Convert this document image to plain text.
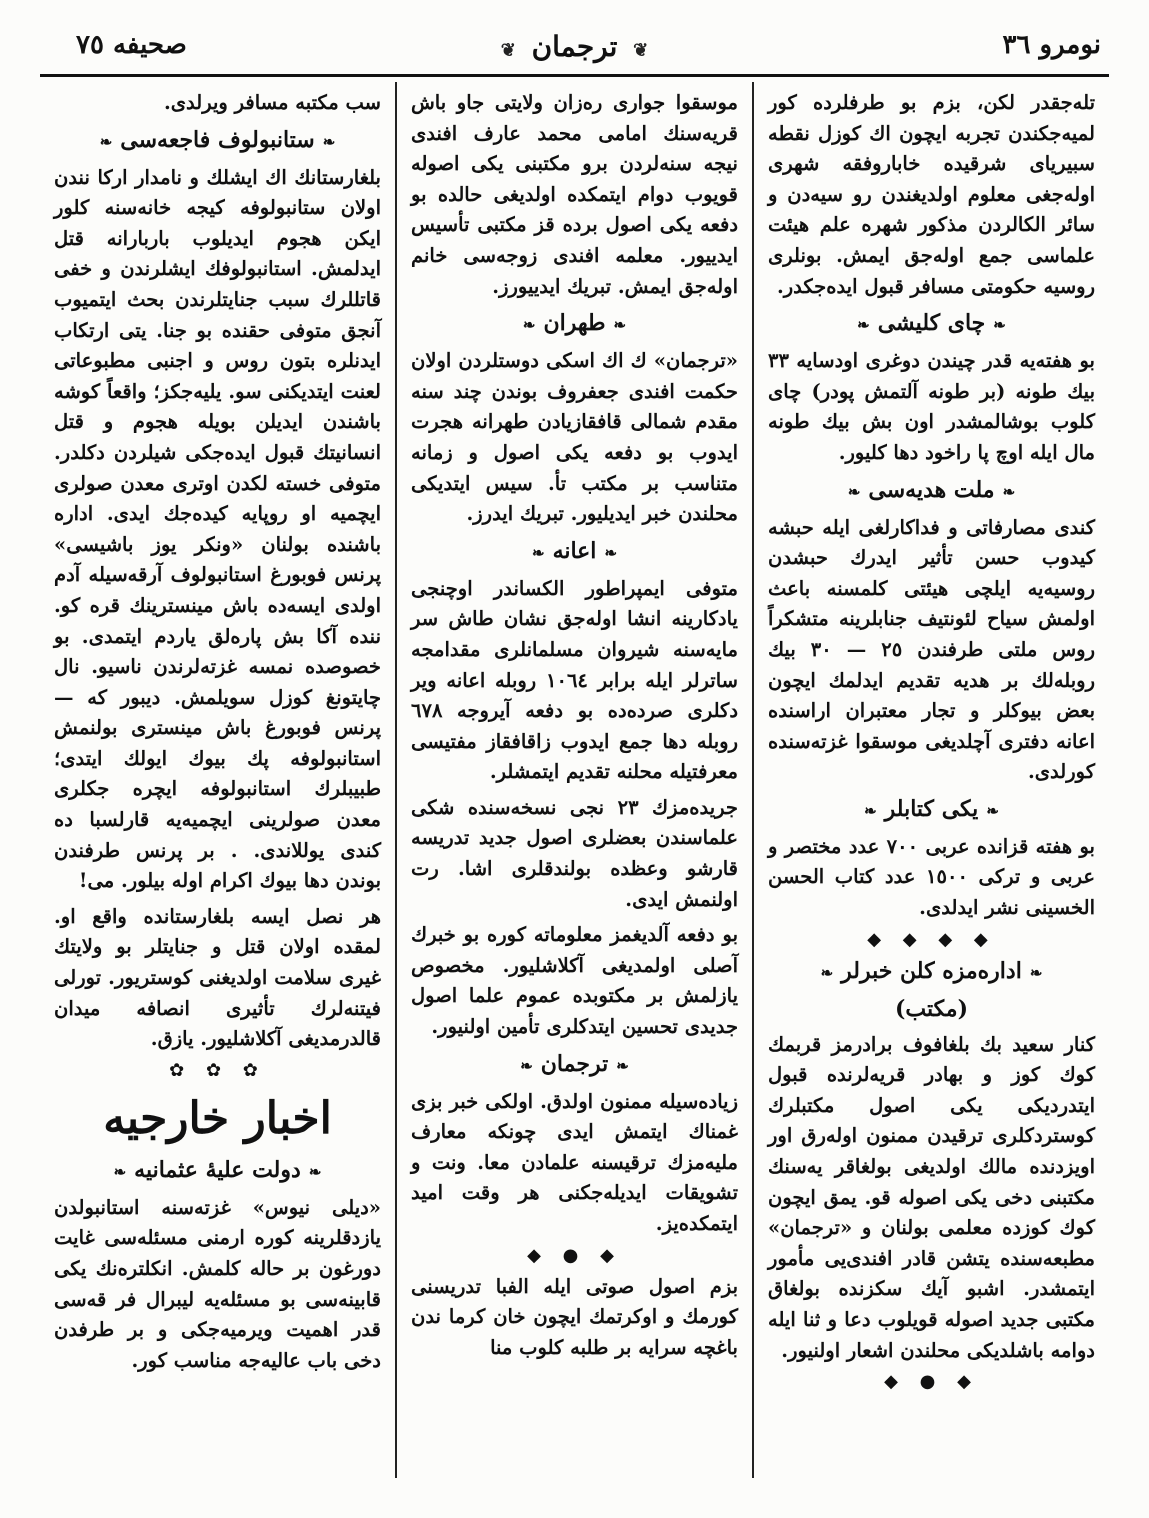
نومرو ٣٦
❦ ترجمان ❦
صحیفه ٧٥

تله‌جقدر لکن، بزم بو طرفلرده کور لمیه‌جکندن تجربه ایچون اك کوزل نقطه سبیریای شرقیده خاباروفقه شهری اوله‌جغی معلوم اولدیغندن رو سیه‌دن و سائر الکالردن مذکور شهره علم هیئت علماسی جمع اوله‌جق ایمش. بونلری روسیه حکومتی مسافر قبول ایده‌جکدر.

❧چای کلیشی❧

بو هفته‌یه قدر چیندن دوغری اودسایه ٣٣ بیك طونه (بر طونه آلتمش پودر) چای کلوب بوشالمشدر اون بش بیك طونه مال ایله اوچ پا راخود دها کلیور.

❧ملت هدیه‌سی❧

کندی مصارفاتی و فداکارلغی ایله حبشه کیدوب حسن تأثیر ایدرك حبشدن روسیه‌یه ایلچی هیئتی کلمسنه باعث اولمش سیاح لئونتیف جنابلرینه متشکراً روس ملتی طرفندن ٢٥ — ٣٠ بیك روبله‌لك بر هدیه تقدیم ایدلمك ایچون بعض بیوکلر و تجار معتبران ارا‌سنده اعانه دفتری آچلدیغی موسقوا غزته‌سنده کورلدی.

❧یکی کتابلر❧

بو هفته قزانده عربی ٧٠٠ عدد مختصر و عربی و ترکی ١٥٠٠ عدد کتاب الحسن الخسینی نشر ایدلدی.

◆ ◆ ◆ ◆
❧اداره‌مزه کلن خبرلر❧
(مکتب)

کنار سعید بك بلغافوف برادرمز قربمك کوك کوز و بهادر قریه‌لرنده قبول ایتدردیکی یکی اصول مکتبلرك کوستردکلری ترقیدن ممنون اوله‌رق اور اویزدنده مالك اولدیغی بولغاقر یه‌سنك مکتبنی دخی یکی اصوله قو. یمق ایچون کوك کوزده معلمی بولنان و «ترجمان» مطبعه‌سنده یتشن قادر افندی‌یی مأمور ایتمشدر. اشبو آیك سکزنده بولغاق مکتبی جدید اصوله قویلوب دعا و ثنا ایله دوامه باشلدیکی محلندن اشعار اولنیور.

◆ ● ◆

موسقوا جواری ره‌زان ولایتی جاو باش قریه‌سنك امامی محمد عارف افندی نیجه سنه‌لردن برو مکتبنی یکی اصوله قویوب دوام ایتمکده اولدیغی حالده بو دفعه یکی اصول برده قز مکتبی تأسیس ایدییور. معلمه افندی زوجه‌سی خانم اوله‌جق ایمش. تبریك ایدییورز.

❧طهران❧

«ترجمان» ك اك اسکی دوستلردن اولان حکمت افندی جعفروف بوندن چند سنه مقدم شمالی قافقازیادن طهرانه هجرت ایدوب بو دفعه یکی اصول و زمانه متناسب بر مکتب تأ. سیس ایتدیکی محلندن خبر ایدیلیور. تبریك ایدرز.

❧اعانه❧

متوفی ایمپراطور الکساندر اوچنجی یادکارینه انشا اوله‌جق نشان طاش سر مایه‌سنه شیروان مسلمانلری مقدامجه ساترلر ایله برابر ١٠٦٤ روبله اعانه ویر دکلری صرده‌ده بو دفعه آیروجه ٦٧٨ روبله دها جمع ایدوب زاقافقاز مفتیسی معرفتیله محلنه تقدیم ایتمشلر.

جریده‌مزك ٢٣ نجی نسخه‌سنده شکی علماسندن بعضلری اصول جدید تدریسه قارشو وعظده بولندقلری اشا. رت اولنمش ایدی.

بو دفعه آلدیغمز معلوماته کوره بو خبرك آصلی اولمدیغی آکلاشلیور. مخصوص یازلمش بر مکتوبده عموم علما اصول جدیدی تحسین ایتدکلری تأمین اولنیور.

❧ترجمان❧

زیاده‌سیله ممنون اولدق. اولکی خبر بزی غمناك ایتمش ایدی چونکه معارف ملیه‌مزك ترقیسنه علمادن معا. ونت و تشویقات ایدیله‌جکنی هر وقت امید ایتمکده‌یز.

◆ ● ◆

بزم اصول صوتی ایله الفبا تدریسنی کورمك و اوکرتمك ایچون خان کرما ندن باغچه سرایه بر طلبه کلوب منا

سب مکتبه مسافر ویرلدی.

❧ستانبولوف فاجعه‌سی❧

بلغارستانك اك ایشلك و نامدار ارکا نندن اولان ستانبولوفه کیجه خانه‌سنه کلور ایکن هجوم ایدیلوب باربارانه قتل ایدلمش. استانبولوفك ایشلرندن و خفی قاتللرك سبب جنایتلرندن بحث ایتمیوب آنجق متوفی حقنده بو جنا. یتی ارتکاب ایدنلره بتون روس و اجنبی مطبوعاتی لعنت ایتدیکنی سو. یلیه‌جکز؛ واقعاً کوشه باشندن ایدیلن بویله هجوم و قتل انسانیتك قبول ایده‌جکی شیلردن دکلدر. متوفی خسته لکدن اوتری معدن صولری ایچمیه او روپایه کیده‌جك ایدی. اداره باشنده بولنان «ونکر یوز باشیسی» پرنس فوبورغ استانبولوف آرقه‌سیله آدم اولدی ایسه‌ده باش مینسترینك قره کو. ننده آکا بش پاره‌لق یاردم ایتمدی. بو خصوصده نمسه غزته‌لرندن ناسیو. نال چایتونغ کوزل سویلمش. دیبور که — پرنس فوبورغ باش مینستری بولنمش استانبولوفه پك بیوك ایولك ایتدی؛ طبیبلرك استانبولوفه ایچره جکلری معدن صولرینی ایچمیه‌یه قارلسبا ده کندی یوللاندی. . بر پرنس طرفندن بوندن دها بیوك اکرام اوله بیلور. می!

هر نصل ایسه بلغارستانده واقع او. لمقده اولان قتل و جنایتلر بو ولایتك غیری سلامت اولدیغنی کوستریور. تورلی فیتنه‌لرك تأثیری انصافه میدان قالدرمدیغی آکلاشلیور. یازق.

✿ ✿ ✿
اخبار خارجیه
❧دولت علیهٔ عثمانیه❧

«دیلی نیوس» غزته‌سنه استانبولدن یازدقلرینه کوره ارمنی مسئله‌سی غایت دورغون بر حاله کلمش. انکلتره‌نك یکی قابینه‌سی بو مسئله‌یه لیبرال فر قه‌سی قدر اهمیت ویرمیه‌جکی و بر طرفدن دخی باب عالیه‌جه مناسب کور.
